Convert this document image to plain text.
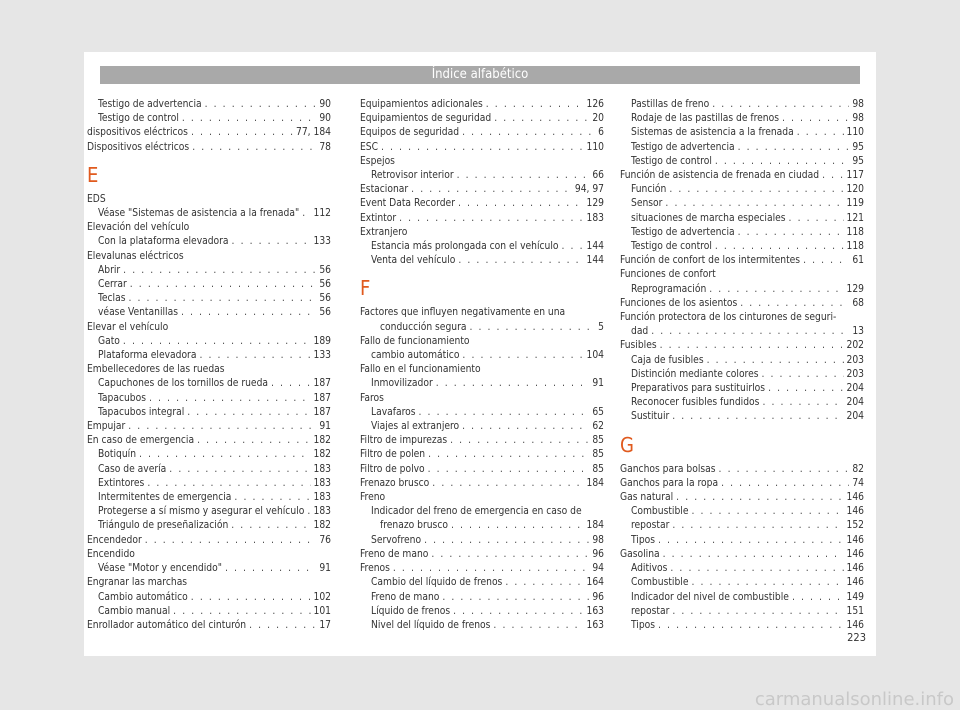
Índice alfabético
Testigo de advertencia . . .	90
Testigo de control . . .	90
dispositivos eléctricos . . .	77, 184
Dispositivos eléctricos . . .	78
E
EDS
Véase "Sistemas de asistencia a la frenada" . . . 112
Elevación del vehículo
Con la plataforma elevadora . . .	133
Elevalunas eléctricos
Abrir . . .	56
Cerrar . . .	56
Teclas . . .	56
véase Ventanillas . . .	56
Elevar el vehículo
Gato . . .	189
Plataforma elevadora . . .	133
Embellecedores de las ruedas
Capuchones de los tornillos de rueda . . .	187
Tapacubos . . .	187
Tapacubos integral . . .	187
Empujar . . .	91
En caso de emergencia . . .	182
Botiquín . . .	182
Caso de avería . . .	183
Extintores . . .	183
Intermitentes de emergencia . . .	183
Protegerse a sí mismo y asegurar el vehículo . . . 183
Triángulo de preseñalización . . .	182
Encendedor . . .	76
Encendido
Véase "Motor y encendido" . . .	91
Engranar las marchas
Cambio automático . . .	102
Cambio manual . . .	101
Enrollador automático del cinturón . . .	17
Equipamientos adicionales . . .	126
Equipamientos de seguridad . . .	20
Equipos de seguridad . . .	6
ESC . . .	110
Espejos
Retrovisor interior . . .	66
Estacionar . . .	94, 97
Event Data Recorder . . .	129
Extintor . . .	183
Extranjero
Estancia más prolongada con el vehículo . . .	144
Venta del vehículo . . .	144
F
Factores que influyen negativamente en una
conducción segura . . .	5
Fallo de funcionamiento
cambio automático . . .	104
Fallo en el funcionamiento
Inmovilizador . . .	91
Faros
Lavafaros . . .	65
Viajes al extranjero . . .	62
Filtro de impurezas . . .	85
Filtro de polen . . .	85
Filtro de polvo . . .	85
Frenazo brusco . . .	184
Freno
Indicador del freno de emergencia en caso de
frenazo brusco . . .	184
Servofreno . . .	98
Freno de mano . . .	96
Frenos . . .	94
Cambio del líquido de frenos . . .	164
Freno de mano . . .	96
Líquido de frenos . . .	163
Nivel del líquido de frenos . . .	163
Pastillas de freno . . .	98
Rodaje de las pastillas de frenos . . .	98
Sistemas de asistencia a la frenada . . .	110
Testigo de advertencia . . .	95
Testigo de control . . .	95
Función de asistencia de frenada en ciudad . . .	117
Función . . .	120
Sensor . . .	119
situaciones de marcha especiales . . .	121
Testigo de advertencia . . .	118
Testigo de control . . .	118
Función de confort de los intermitentes . . .	61
Funciones de confort
Reprogramación . . .	129
Funciones de los asientos . . .	68
Función protectora de los cinturones de seguri-
dad . . .	13
Fusibles . . .	202
Caja de fusibles . . .	203
Distinción mediante colores . . .	203
Preparativos para sustituirlos . . .	204
Reconocer fusibles fundidos . . .	204
Sustituir . . .	204
G
Ganchos para bolsas . . .	82
Ganchos para la ropa . . .	74
Gas natural . . .	146
Combustible . . .	146
repostar . . .	152
Tipos . . .	146
Gasolina . . .	146
Aditivos . . .	146
Combustible . . .	146
Indicador del nivel de combustible . . .	149
repostar . . .	151
Tipos . . .	146
223
carmanualsonline.info
